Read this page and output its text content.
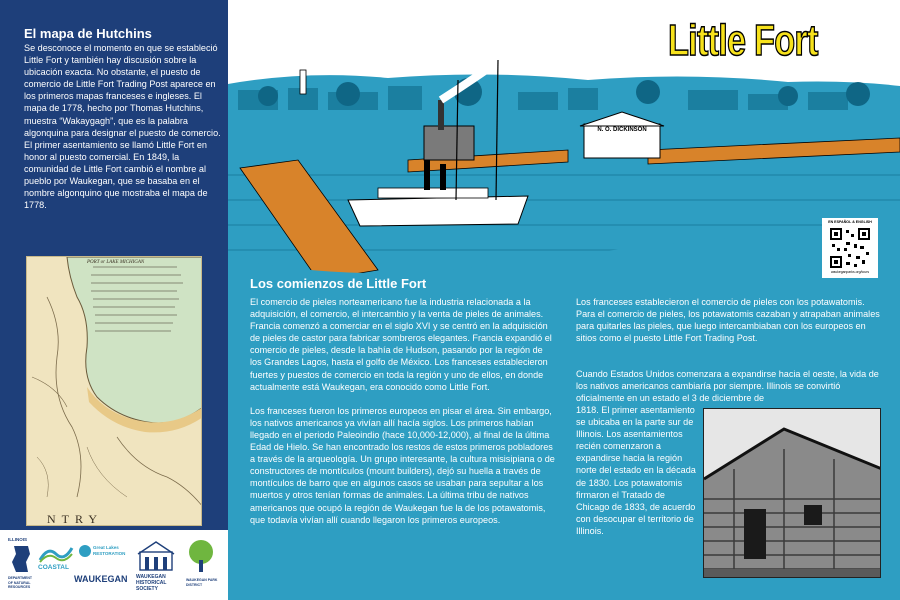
El mapa de Hutchins
Se desconoce el momento en que se estableció Little Fort y también hay discusión sobre la ubicación exacta. No obstante, el puesto de comercio de Little Fort Trading Post aparece en los primeros mapas franceses e ingleses. El mapa de 1778, hecho por Thomas Hutchins, muestra “Wakaygagh”, que es la palabra algonquina para designar el puesto de comercio. El primer asentamiento se llamó Little Fort en honor al puesto comercial. En 1849, la comunidad de Little Fort cambió el nombre al pueblo por Waukegan, que se basaba en el nombre algonquino que mostraba el mapa de 1778.
PORT or LAKE MICHIGAN
NTRY
ILLINOIS
DEPARTMENT OF NATURAL RESOURCES
COASTAL
Great Lakes RESTORATION
WAUKEGAN WAUKEGAN HISTORICAL SOCIETY
WAUKEGAN PARK DISTRICT
N. O. DICKINSON
Little Fort
EN ESPAÑOL & ENGLISH
waukeganparks.org/tours
Los comienzos de Little Fort

El comercio de pieles norteamericano fue la industria relacionada a la adquisición, el comercio, el intercambio y la venta de pieles de animales. Francia comenzó a comerciar en el siglo XVI y se centró en la adquisición de pieles de castor para fabricar sombreros elegantes. Francia expandió el comercio de pieles, desde la bahía de Hudson, pasando por la región de los Grandes Lagos, hasta el golfo de México. Los franceses establecieron fuertes y puestos de comercio en toda la región y uno de ellos, en donde actualmente está Waukegan, era conocido como Little Fort.

Los franceses fueron los primeros europeos en pisar el área. Sin embargo, los nativos americanos ya vivían allí hacía siglos. Los primeros habían llegado en el periodo Paleoindio (hace 10,000-12,000), al final de la última Edad de Hielo. Se han encontrado los restos de estos primeros pobladores a través de la arqueología. Un grupo interesante, la cultura misisipiana o de constructores de montículos (mount builders), dejó su huella a través de montículos de barro que en algunos casos se usaban para sepultar a los muertos y otros tenían formas de animales. La última tribu de nativos americanos que ocupó la región de Waukegan fue la de los potawatomis, que todavía vivían allí cuando llegaron los primeros europeos.

Los franceses establecieron el comercio de pieles con los potawatomis. Para el comercio de pieles, los potawatomis cazaban y atrapaban animales para quitarles las pieles, que luego intercambiaban con los europeos en sitios como el puesto Little Fort Trading Post.
Cuando Estados Unidos comenzara a expandirse hacia el oeste, la vida de los nativos americanos cambiaría por siempre. Illinois se convirtió oficialmente en un estado el 3 de diciembre de
1818. El primer asentamiento se ubicaba en la parte sur de Illinois. Los asentamientos recién comenzaron a expandirse hacia la región norte del estado en la década de 1830. Los potawatomis firmaron el Tratado de Chicago de 1833, de acuerdo con desocupar el territorio de Illinois.
